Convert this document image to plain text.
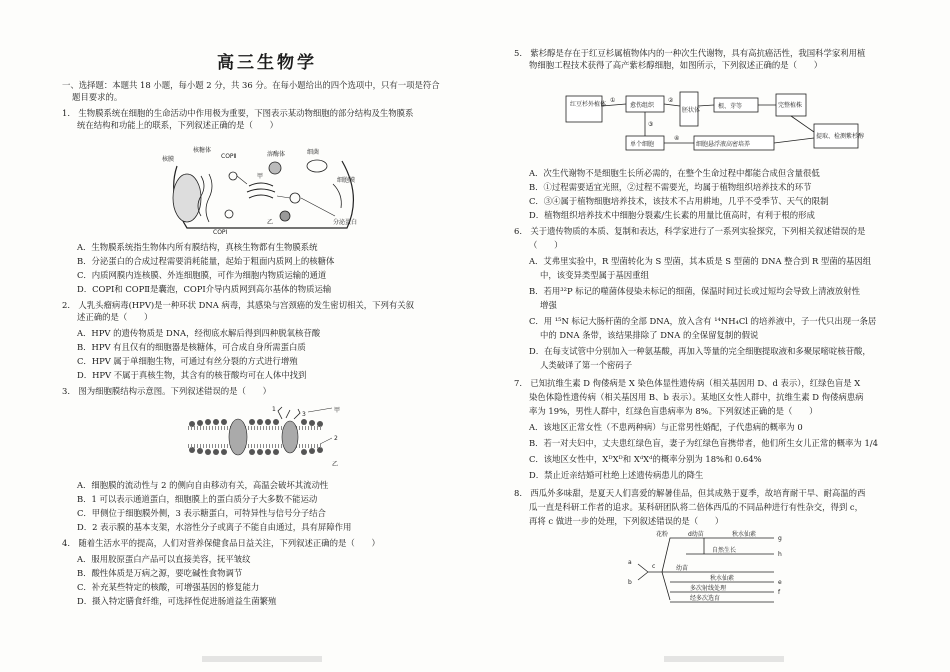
高三生物学
一、选择题：本题共 18 小题，每小题 2 分，共 36 分。在每小题给出的四个选项中，只有一项是符合
题目要求的。
1.　生物膜系统在细胞的生命活动中作用极为重要，下图表示某动物细胞的部分结构及生物膜系
统在结构和功能上的联系，下列叙述正确的是（　　）
核膜	COPⅡ	溶酶体
细胞膜
分泌蛋白
核糖体
甲
乙
COPⅠ
细菌
A．生物膜系统指生物体内所有膜结构，真核生物都有生物膜系统
B．分泌蛋白的合成过程需要消耗能量，起始于粗面内质网上的核糖体
C．内质网膜内连核膜、外连细胞膜，可作为细胞内物质运输的通道
D．COPⅠ和 COPⅡ是囊泡，COPⅠ介导内质网到高尔基体的物质运输
2.　人乳头瘤病毒(HPV)是一种环状 DNA 病毒，其感染与宫颈癌的发生密切相关，下列有关叙
述正确的是（　　）
A．HPV 的遗传物质是 DNA，经彻底水解后得到四种脱氧核苷酸
B．HPV 有且仅有的细胞器是核糖体，可合成自身所需蛋白质
C．HPV 属于单细胞生物，可通过有丝分裂的方式进行增殖
D．HPV 不属于真核生物，其含有的核苷酸均可在人体中找到
3.　图为细胞膜结构示意图。下列叙述错误的是（　　）
1
3
甲
2
乙
A．细胞膜的流动性与 2 的侧向自由移动有关，高温会破坏其流动性
B．1 可以表示通道蛋白，细胞膜上的蛋白质分子大多数不能运动
C．甲侧位于细胞膜外侧，3 表示糖蛋白，可特异性与信号分子结合
D．2 表示膜的基本支架，水溶性分子或离子不能自由通过，具有屏障作用
4.　随着生活水平的提高，人们对营养保健食品日益关注，下列叙述正确的是（　　）
A．服用胶原蛋白产品可以直接美容，抚平皱纹
B．酸性体质是万病之源，要吃碱性食物调节
C．补充某些特定的核酸，可增强基因的修复能力
D．摄入特定膳食纤维，可选择性促进肠道益生菌繁殖
5.　紫杉醇是存在于红豆杉属植物体内的一种次生代谢物，具有高抗癌活性，我国科学家利用植
物细胞工程技术获得了高产紫杉醇细胞，如图所示，下列叙述正确的是（　　）
红豆杉外植体	愈伤组织
胚状体
根、芽等	完整植株
提取、检测紫杉醇
单个细胞	细胞悬浮液高密培养
①	②
③
④
A．次生代谢物不是细胞生长所必需的，在整个生命过程中都能合成但含量很低
B．①过程需要适宜光照，②过程不需要光，均属于植物组织培养技术的环节
C．③④属于植物细胞培养技术，该技术不占用耕地，几乎不受季节、天气的限制
D．植物组织培养技术中细胞分裂素/生长素的用量比值高时，有利于根的形成
6.　关于遗传物质的本质、复制和表达，科学家进行了一系列实验探究，下列相关叙述错误的是
（　　）
A．艾弗里实验中，R 型菌转化为 S 型菌，其本质是 S 型菌的 DNA 整合到 R 型菌的基因组
中，该变异类型属于基因重组
B．若用³²P 标记的噬菌体侵染未标记的细菌，保温时间过长或过短均会导致上清液放射性
增强
C．用 ¹⁵N 标记大肠杆菌的全部 DNA，放入含有 ¹⁴NH₄Cl 的培养液中，子一代只出现一条居
中的 DNA 条带，该结果排除了 DNA 的全保留复制的假说
D．在每支试管中分别加入一种氨基酸，再加入等量的完全细胞提取液和多聚尿嘧啶核苷酸，
人类破译了第一个密码子
7.　已知抗维生素 D 佝偻病是 X 染色体显性遗传病（相关基因用 D、d 表示），红绿色盲是 X
染色体隐性遗传病（相关基因用 B、b 表示）。某地区女性人群中，抗维生素 D 佝偻病患病
率为 19%，男性人群中，红绿色盲患病率为 8%。下列叙述正确的是（　　）
A．该地区正常女性（不患两种病）与正常男性婚配，子代患病的概率为 0
B．若一对夫妇中，丈夫患红绿色盲，妻子为红绿色盲携带者，他们所生女儿正常的概率为 1/4
C．该地区女性中，XᴰXᴰ和 XᵈXᵈ的概率分别为 18%和 0.64%
D．禁止近亲结婚可杜绝上述遗传病患儿的降生
8.　西瓜外多味甜，是夏天人们喜爱的解暑佳品，但其成熟于夏季，故培育耐干旱、耐高温的西
瓜一直是科研工作者的追求。某科研团队将二倍体西瓜的不同品种进行有性杂交，得到 c，
再将 c 做进一步的处理，下列叙述错误的是（　　）
花粉	d幼苗	秋水仙素
g
自然生长
h
幼苗
秋水仙素
e
多次射线处理
f
经多次选育
a
b
c
